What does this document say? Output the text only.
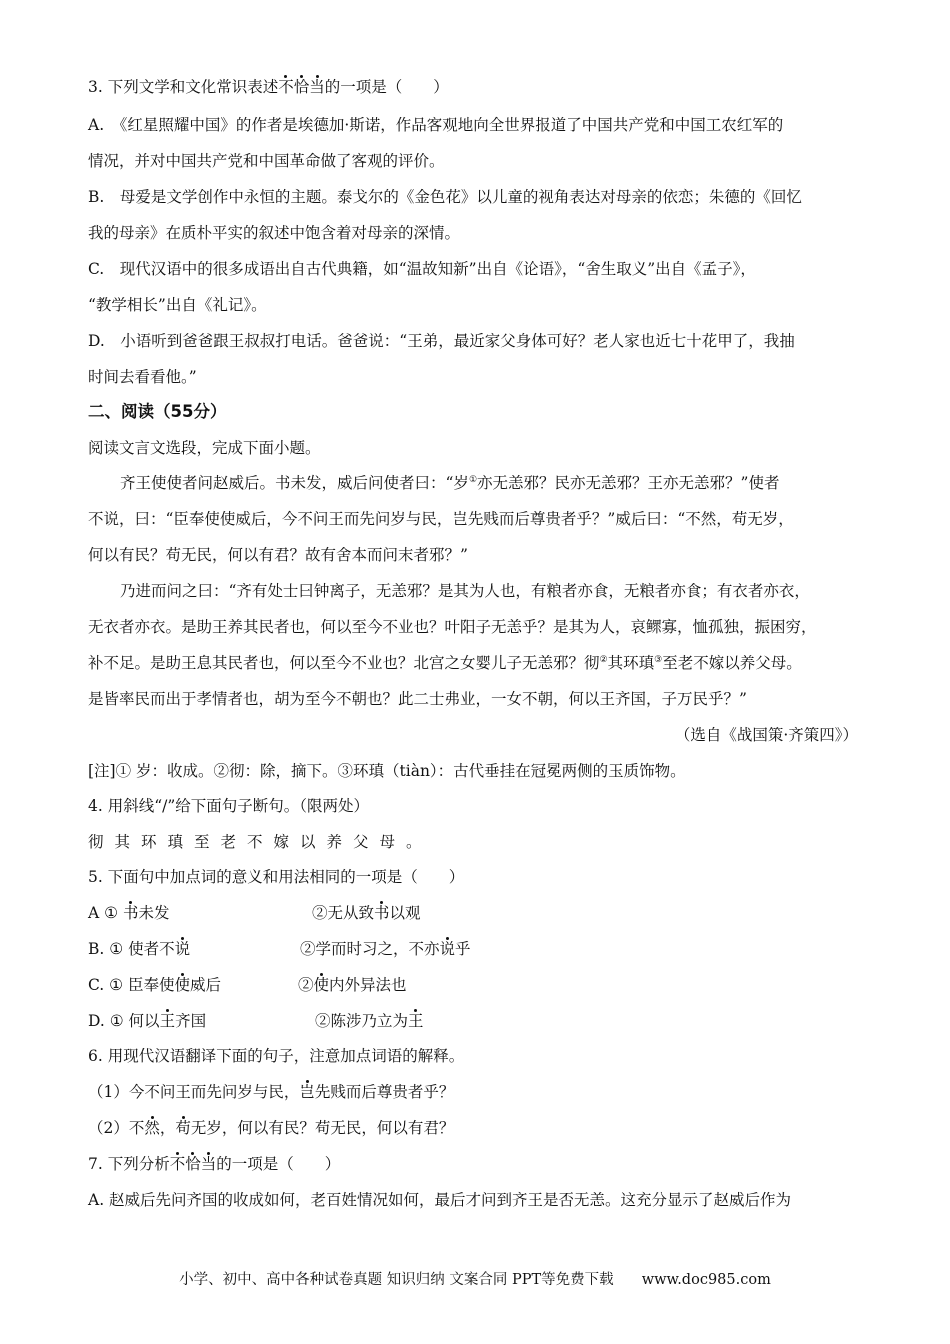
3. 下列文学和文化常识表述不恰当的一项是（　　）
A.　《红星照耀中国》的作者是埃德加·斯诺，作品客观地向全世界报道了中国共产党和中国工农红军的
情况，并对中国共产党和中国革命做了客观的评价。
B.　母爱是文学创作中永恒的主题。泰戈尔的《金色花》以儿童的视角表达对母亲的依恋；朱德的《回忆
我的母亲》在质朴平实的叙述中饱含着对母亲的深情。
C.　现代汉语中的很多成语出自古代典籍，如“温故知新”出自《论语》，“舍生取义”出自《孟子》，
“教学相长”出自《礼记》。
D.　小语听到爸爸跟王叔叔打电话。爸爸说：“王弟，最近家父身体可好？老人家也近七十花甲了，我抽
时间去看看他。”
二、阅读（55分）
阅读文言文选段，完成下面小题。
齐王使使者问赵威后。书未发，威后问使者曰：“岁①亦无恙邪？民亦无恙邪？王亦无恙邪？”使者
不说，曰：“臣奉使使威后，今不问王而先问岁与民，岂先贱而后尊贵者乎？”威后曰：“不然，苟无岁，
何以有民？苟无民，何以有君？故有舍本而问末者邪？”
乃进而问之曰：“齐有处士曰钟离子，无恙邪？是其为人也，有粮者亦食，无粮者亦食；有衣者亦衣，
无衣者亦衣。是助王养其民者也，何以至今不业也？叶阳子无恙乎？是其为人，哀鳏寡，恤孤独，振困穷，
补不足。是助王息其民者也，何以至今不业也？北宫之女婴儿子无恙邪？彻②其环瑱③至老不嫁以养父母。
是皆率民而出于孝情者也，胡为至今不朝也？此二士弗业，一女不朝，何以王齐国，子万民乎？”
（选自《战国策·齐策四》）
[注]① 岁：收成。②彻：除，摘下。③环瑱（tiàn）：古代垂挂在冠冕两侧的玉质饰物。
4. 用斜线“/”给下面句子断句。（限两处）
彻其环瑱至老不嫁以养父母。
5. 下面句中加点词的意义和用法相同的一项是（　　）
A ① 书未发	②无从致书以观
B. ① 使者不说	②学而时习之，不亦说乎
C. ① 臣奉使使威后	②使内外异法也
D. ① 何以王齐国	②陈涉乃立为王
6. 用现代汉语翻译下面的句子，注意加点词语的解释。
（1）今不问王而先问岁与民，岂先贱而后尊贵者乎？
（2）不然，苟无岁，何以有民？苟无民，何以有君？
7. 下列分析不恰当的一项是（　　）
A. 赵威后先问齐国的收成如何，老百姓情况如何，最后才问到齐王是否无恙。这充分显示了赵威后作为
小学、初中、高中各种试卷真题 知识归纳 文案合同 PPT等免费下载 www.doc985.com
